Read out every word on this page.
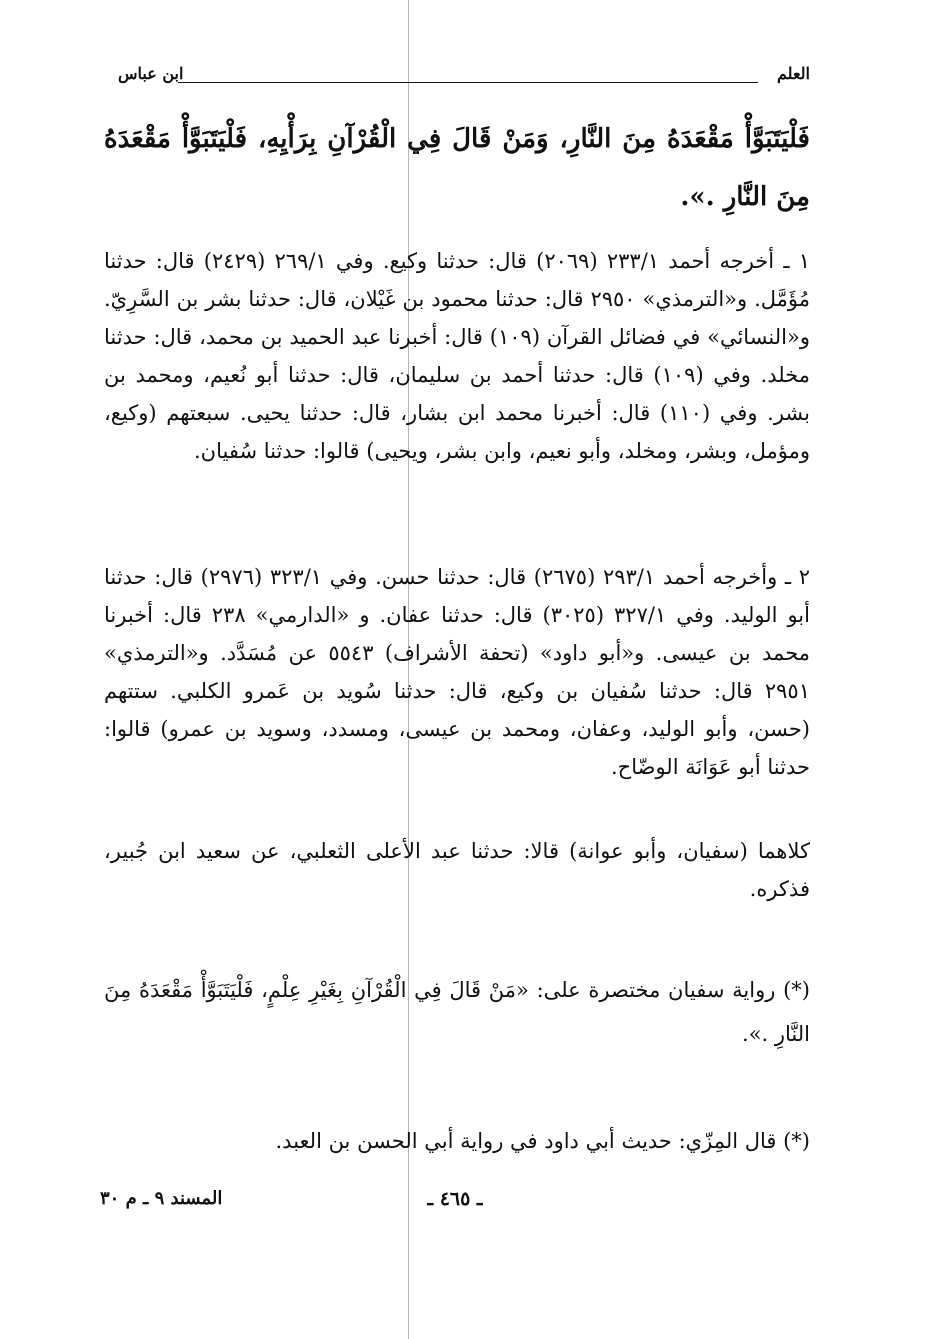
العلم
ابن عباس

فَلْيَتَبَوَّأْ مَقْعَدَهُ مِنَ النَّارِ، وَمَنْ قَالَ فِي الْقُرْآنِ بِرَأْيِهِ، فَلْيَتَبَوَّأْ مَقْعَدَهُ مِنَ النَّارِ .».

١ ـ أخرجه أحمد ٢٣٣/١ (٢٠٦٩) قال: حدثنا وكيع. وفي ٢٦٩/١ (٢٤٢٩) قال: حدثنا مُؤَمَّل. و«الترمذي» ٢٩٥٠ قال: حدثنا محمود بن غَيْلان، قال: حدثنا بشر بن السَّرِيّ. و«النسائي» في فضائل القرآن (١٠٩) قال: أخبرنا عبد الحميد بن محمد، قال: حدثنا مخلد. وفي (١٠٩) قال: حدثنا أحمد بن سليمان، قال: حدثنا أبو نُعيم، ومحمد بن بشر. وفي (١١٠) قال: أخبرنا محمد ابن بشار، قال: حدثنا يحيى. سبعتهم (وكيع، ومؤمل، وبشر، ومخلد، وأبو نعيم، وابن بشر، ويحيى) قالوا: حدثنا سُفيان.

٢ ـ وأخرجه أحمد ٢٩٣/١ (٢٦٧٥) قال: حدثنا حسن. وفي ٣٢٣/١ (٢٩٧٦) قال: حدثنا أبو الوليد. وفي ٣٢٧/١ (٣٠٢٥) قال: حدثنا عفان. و «الدارمي» ٢٣٨ قال: أخبرنا محمد بن عيسى. و«أبو داود» (تحفة الأشراف) ٥٥٤٣ عن مُسَدَّد. و«الترمذي» ٢٩٥١ قال: حدثنا سُفيان بن وكيع، قال: حدثنا سُويد بن عَمرو الكلبي. ستتهم (حسن، وأبو الوليد، وعفان، ومحمد بن عيسى، ومسدد، وسويد بن عمرو) قالوا: حدثنا أبو عَوَانَة الوضّاح.

كلاهما (سفيان، وأبو عوانة) قالا: حدثنا عبد الأعلى الثعلبي، عن سعيد ابن جُبير، فذكره.

(*) رواية سفيان مختصرة على: «مَنْ قَالَ فِي الْقُرْآنِ بِغَيْرِ عِلْمٍ، فَلْيَتَبَوَّأْ مَقْعَدَهُ مِنَ النَّارِ .».

(*) قال المِزّي: حديث أبي داود في رواية أبي الحسن بن العبد.

المسند ٩ ـ م ٣٠	ـ ٤٦٥ ـ
